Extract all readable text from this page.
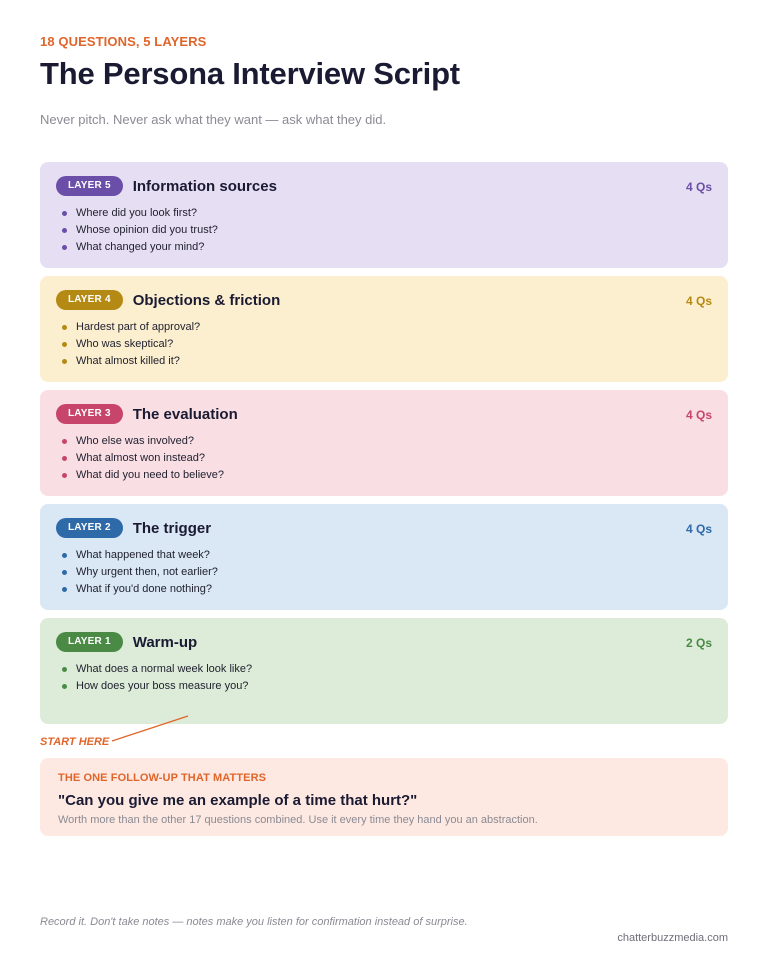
18 QUESTIONS, 5 LAYERS
The Persona Interview Script
Never pitch. Never ask what they want — ask what they did.
LAYER 5	Information sources	4 Qs
Where did you look first?
Whose opinion did you trust?
What changed your mind?
LAYER 4	Objections & friction	4 Qs
Hardest part of approval?
Who was skeptical?
What almost killed it?
LAYER 3	The evaluation	4 Qs
Who else was involved?
What almost won instead?
What did you need to believe?
LAYER 2	The trigger	4 Qs
What happened that week?
Why urgent then, not earlier?
What if you'd done nothing?
LAYER 1	Warm-up	2 Qs
What does a normal week look like?
How does your boss measure you?
START HERE
THE ONE FOLLOW-UP THAT MATTERS
"Can you give me an example of a time that hurt?"
Worth more than the other 17 questions combined. Use it every time they hand you an abstraction.
Record it. Don't take notes — notes make you listen for confirmation instead of surprise.
chatterbuzzmedia.com
